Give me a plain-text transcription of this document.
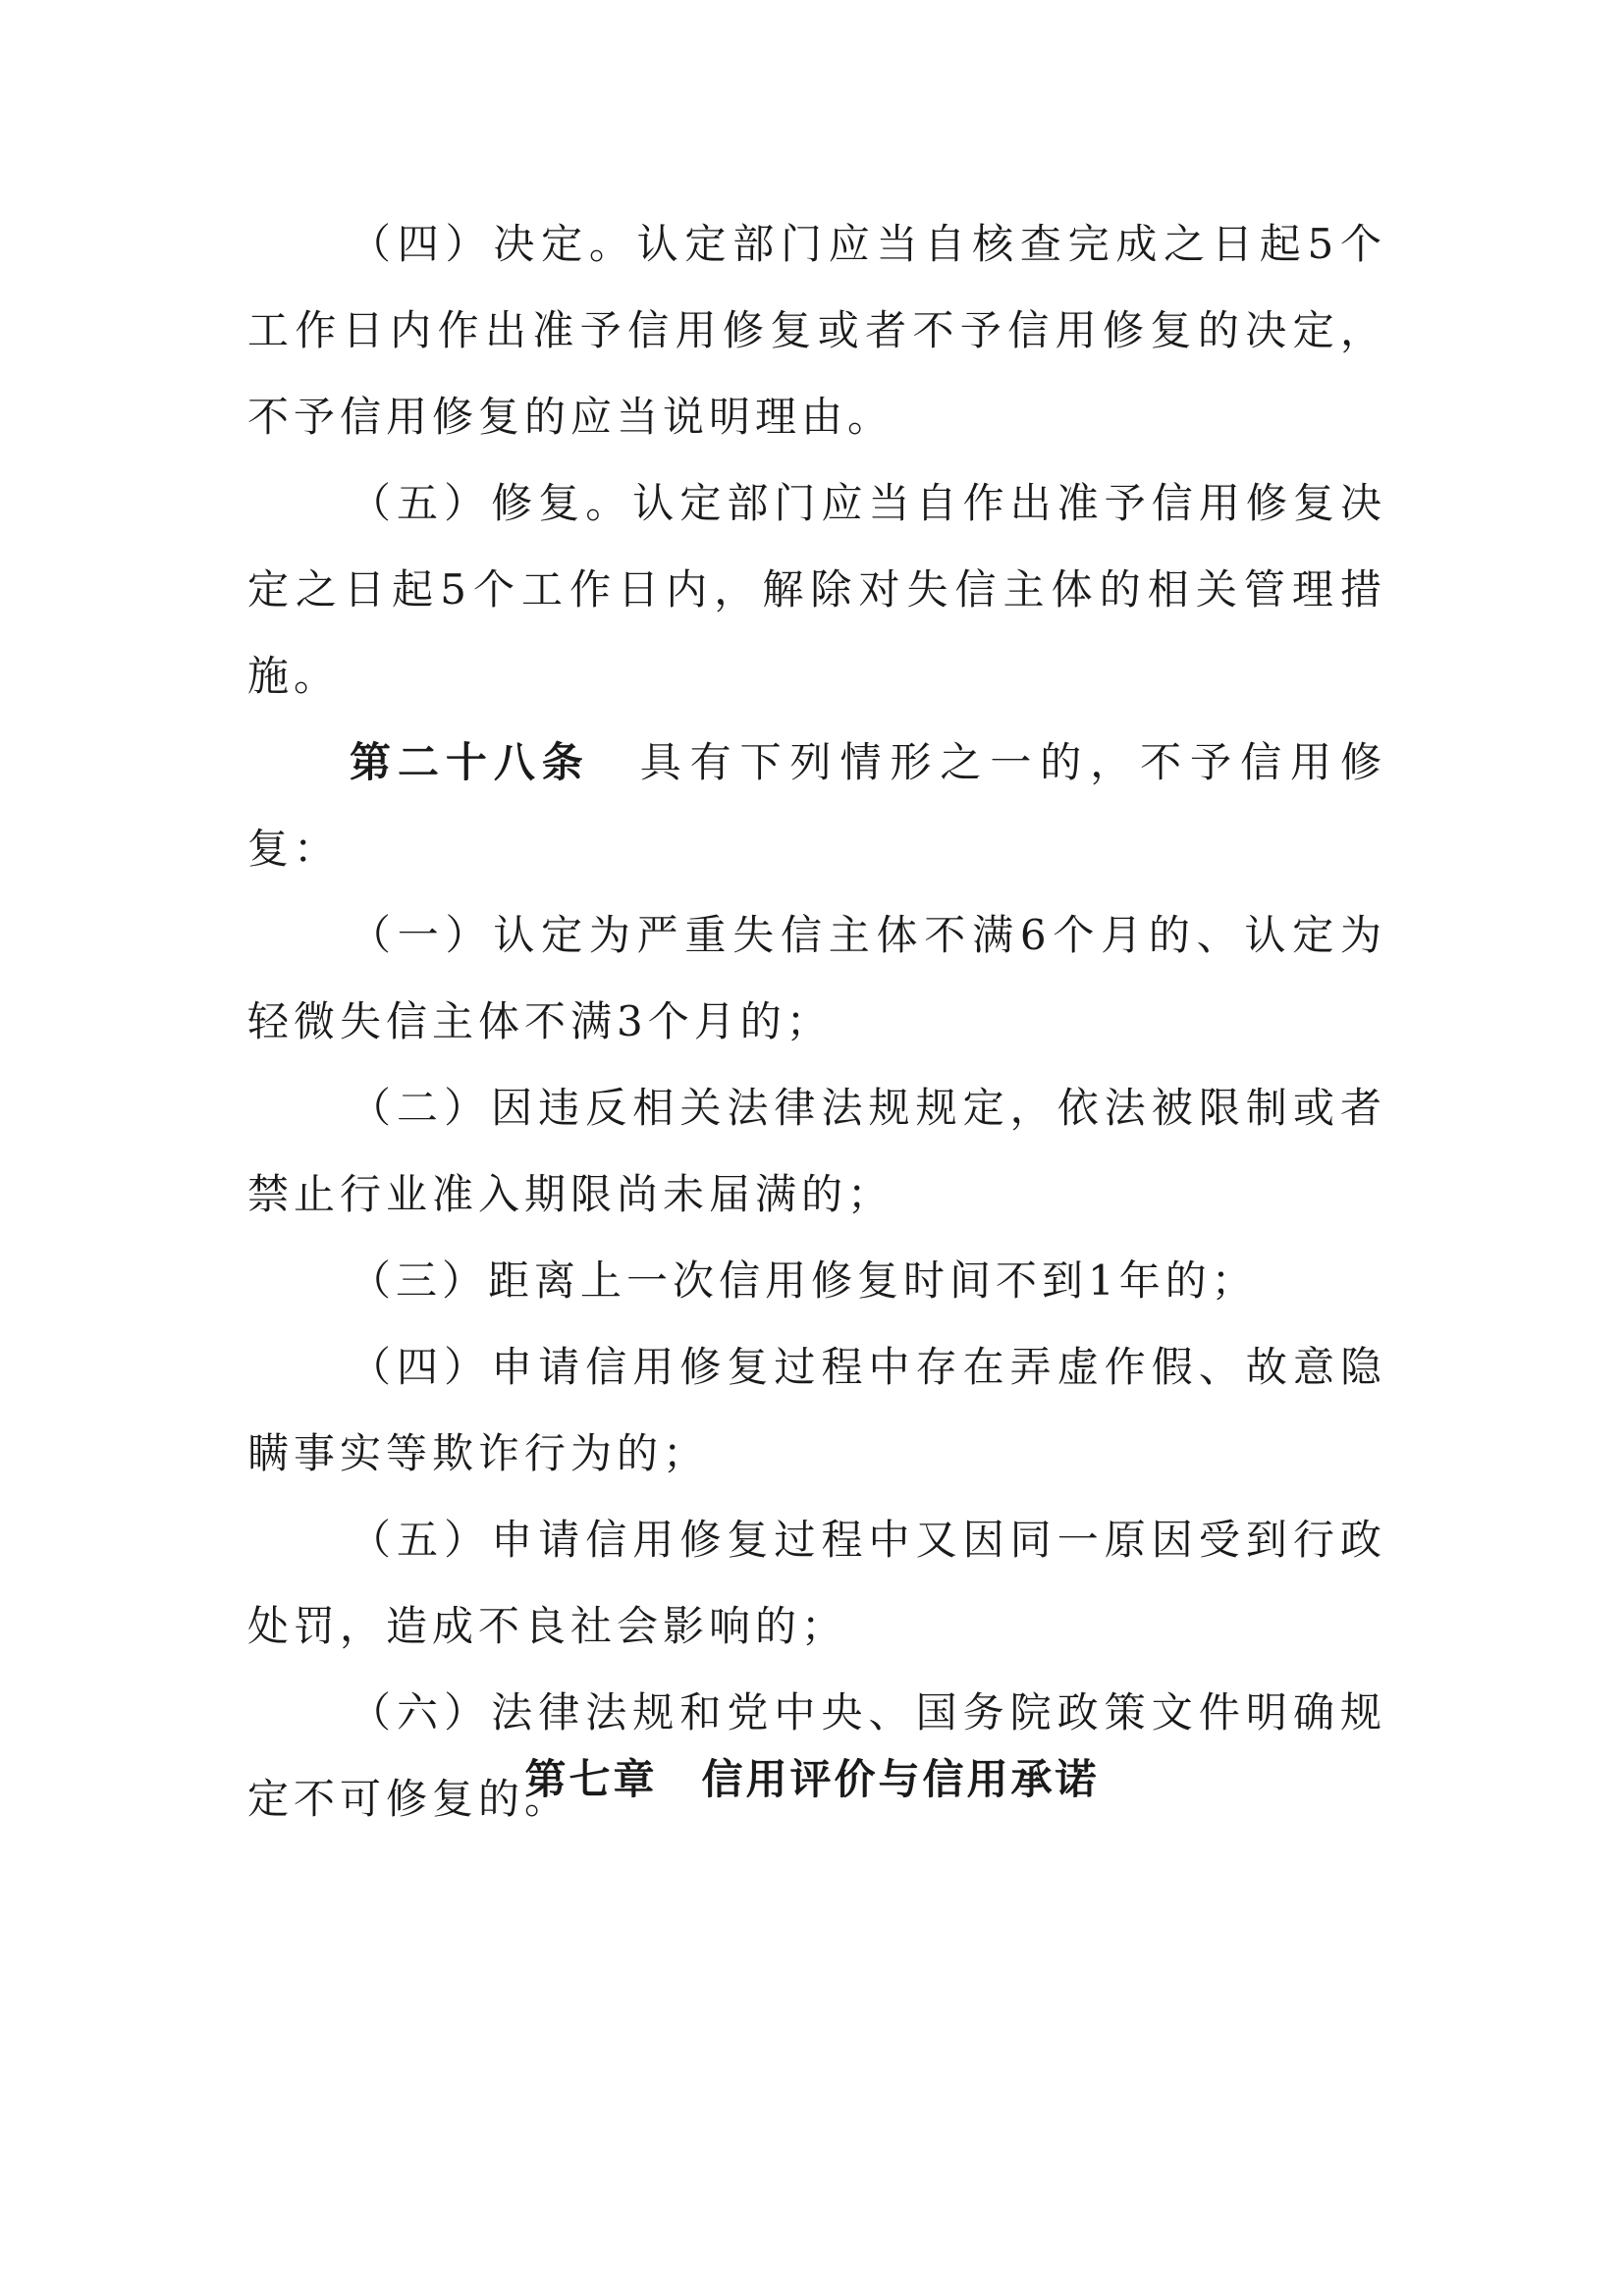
（四）决定。认定部门应当自核查完成之日起5个工作日内作出准予信用修复或者不予信用修复的决定，不予信用修复的应当说明理由。

（五）修复。认定部门应当自作出准予信用修复决定之日起5个工作日内，解除对失信主体的相关管理措施。

第二十八条　具有下列情形之一的，不予信用修复：

（一）认定为严重失信主体不满6个月的、认定为轻微失信主体不满3个月的；

（二）因违反相关法律法规规定，依法被限制或者禁止行业准入期限尚未届满的；

（三）距离上一次信用修复时间不到1年的；

（四）申请信用修复过程中存在弄虚作假、故意隐瞒事实等欺诈行为的；

（五）申请信用修复过程中又因同一原因受到行政处罚，造成不良社会影响的；

（六）法律法规和党中央、国务院政策文件明确规定不可修复的。

第七章　信用评价与信用承诺
